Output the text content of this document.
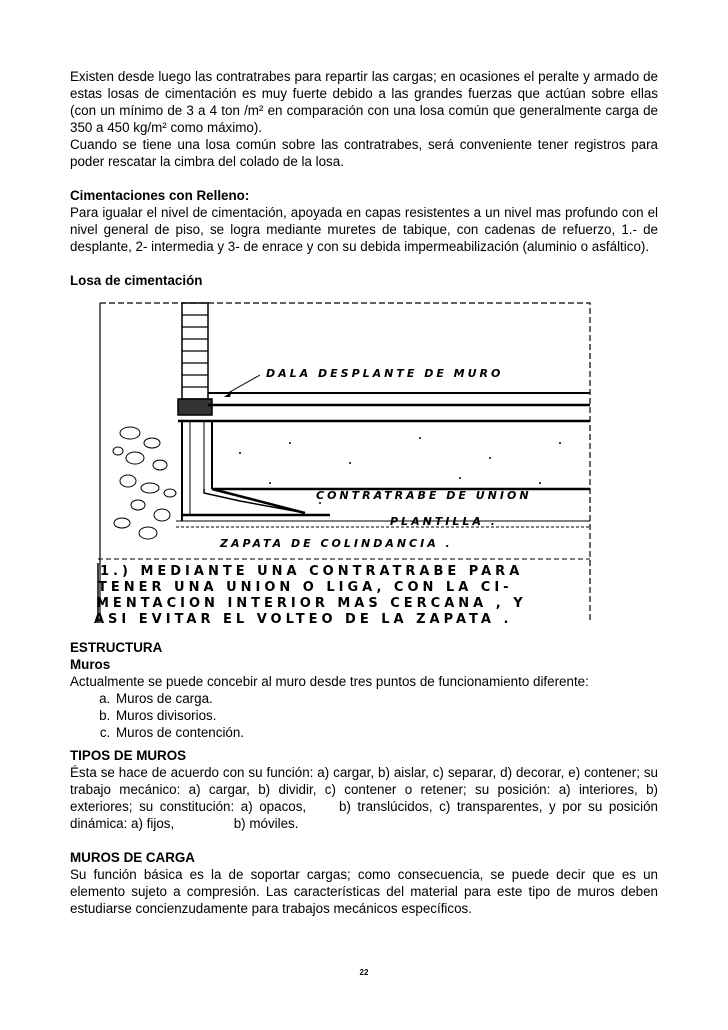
Existen desde luego las contratrabes para repartir las cargas; en ocasiones el peralte y armado de estas losas de cimentación es muy fuerte debido a las grandes fuerzas que actúan sobre ellas (con un mínimo de 3 a 4 ton /m² en comparación con una losa común que generalmente carga de 350 a 450 kg/m² como máximo).

Cuando se tiene una losa común sobre las contratrabes, será conveniente tener registros para poder rescatar la cimbra del colado de la losa.

Cimentaciones con Relleno:

Para igualar el nivel de cimentación, apoyada en capas resistentes a un nivel mas profundo con el nivel general de piso, se logra mediante muretes de tabique, con cadenas de refuerzo, 1.- de desplante, 2- intermedia y 3- de enrace y con su debida impermeabilización (aluminio o asfáltico).

Losa de cimentación

DALA DESPLANTE DE MURO
CONTRATRABE DE UNION
PLANTILLA .
ZAPATA DE COLINDANCIA .
1.) MEDIANTE UNA CONTRATRABE PARA
TENER UNA UNION O LIGA, CON LA CI-
MENTACION INTERIOR MAS CERCANA , Y
ASI EVITAR EL VOLTEO DE LA ZAPATA .

ESTRUCTURA

Muros

Actualmente se puede concebir al muro desde tres puntos de funcionamiento diferente:

a. Muros de carga.
b. Muros divisorios.
c. Muros de contención.

TIPOS DE MUROS

Ésta se hace de acuerdo con su función: a) cargar, b) aislar, c) separar, d) decorar, e) contener; su trabajo mecánico: a) cargar, b) dividir, c) contener o retener; su posición: a) interiores, b) exteriores; su constitución: a) opacos, b) translúcidos, c) transparentes, y por su posición dinámica: a) fijos,	b) móviles.

MUROS DE CARGA

Su función básica es la de soportar cargas; como consecuencia, se puede decir que es un elemento sujeto a compresión. Las características del material para este tipo de muros deben estudiarse concienzudamente para trabajos mecánicos específicos.

22
